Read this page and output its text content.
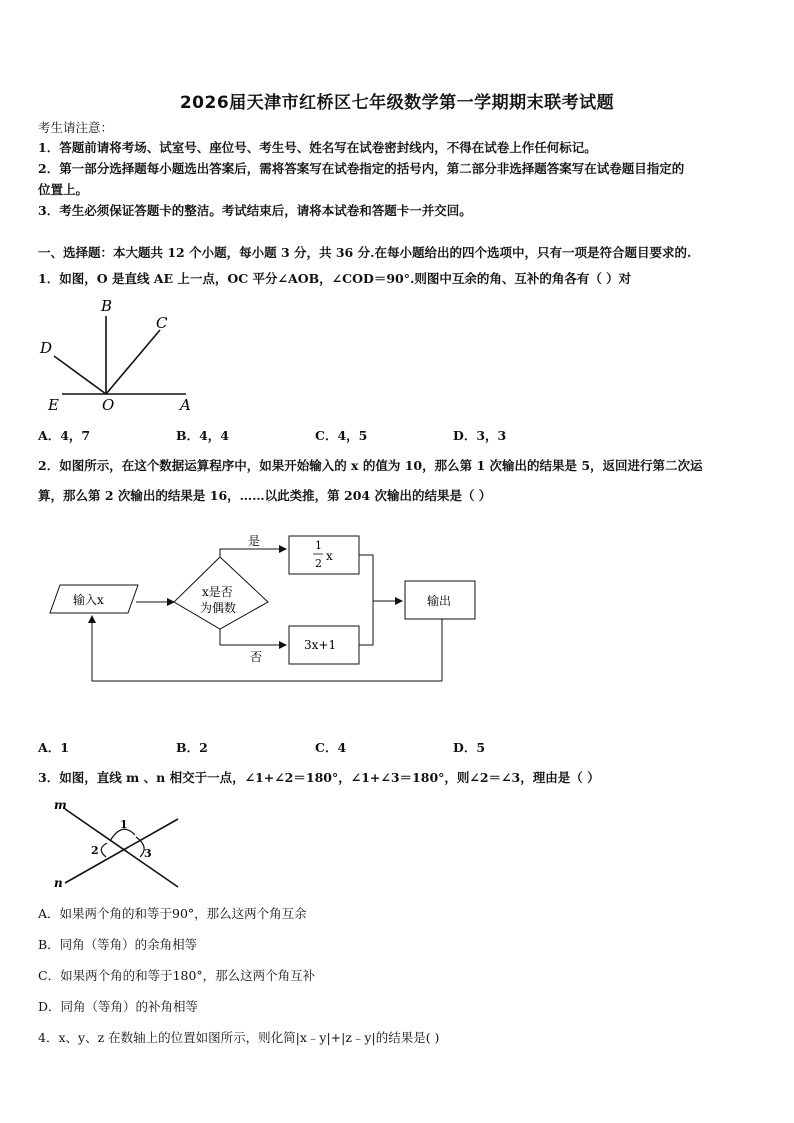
2026届天津市红桥区七年级数学第一学期期末联考试题
考生请注意：
1．答题前请将考场、试室号、座位号、考生号、姓名写在试卷密封线内，不得在试卷上作任何标记。
2．第一部分选择题每小题选出答案后，需将答案写在试卷指定的括号内，第二部分非选择题答案写在试卷题目指定的
位置上。
3．考生必须保证答题卡的整洁。考试结束后，请将本试卷和答题卡一并交回。
一、选择题：本大题共 12 个小题，每小题 3 分，共 36 分.在每小题给出的四个选项中，只有一项是符合题目要求的.
1．如图，O 是直线 AE 上一点，OC 平分∠AOB，∠COD＝90°.则图中互余的角、互补的角各有（ ）对
B
C
D
E	O	A
A．4，7	B．4，4	C．4，5	D．3，3
2．如图所示，在这个数据运算程序中，如果开始输入的 x 的值为 10，那么第 1 次输出的结果是 5，返回进行第二次运
算，那么第 2 次输出的结果是 16，……以此类推，第 204 次输出的结果是（ ）
输入x
x是否
为偶数
是	1
2
x
否
3x+1
输出
A．1	B．2	C．4	D．5
3．如图，直线 m 、n 相交于一点，∠1+∠2＝180°，∠1+∠3＝180°，则∠2＝∠3，理由是（ ）
m
n
1
2	3
A．如果两个角的和等于90°，那么这两个角互余
B．同角（等角）的余角相等
C．如果两个角的和等于180°，那么这两个角互补
D．同角（等角）的补角相等
4．x、y、z 在数轴上的位置如图所示，则化简|x﹣y|+|z﹣y|的结果是( )
